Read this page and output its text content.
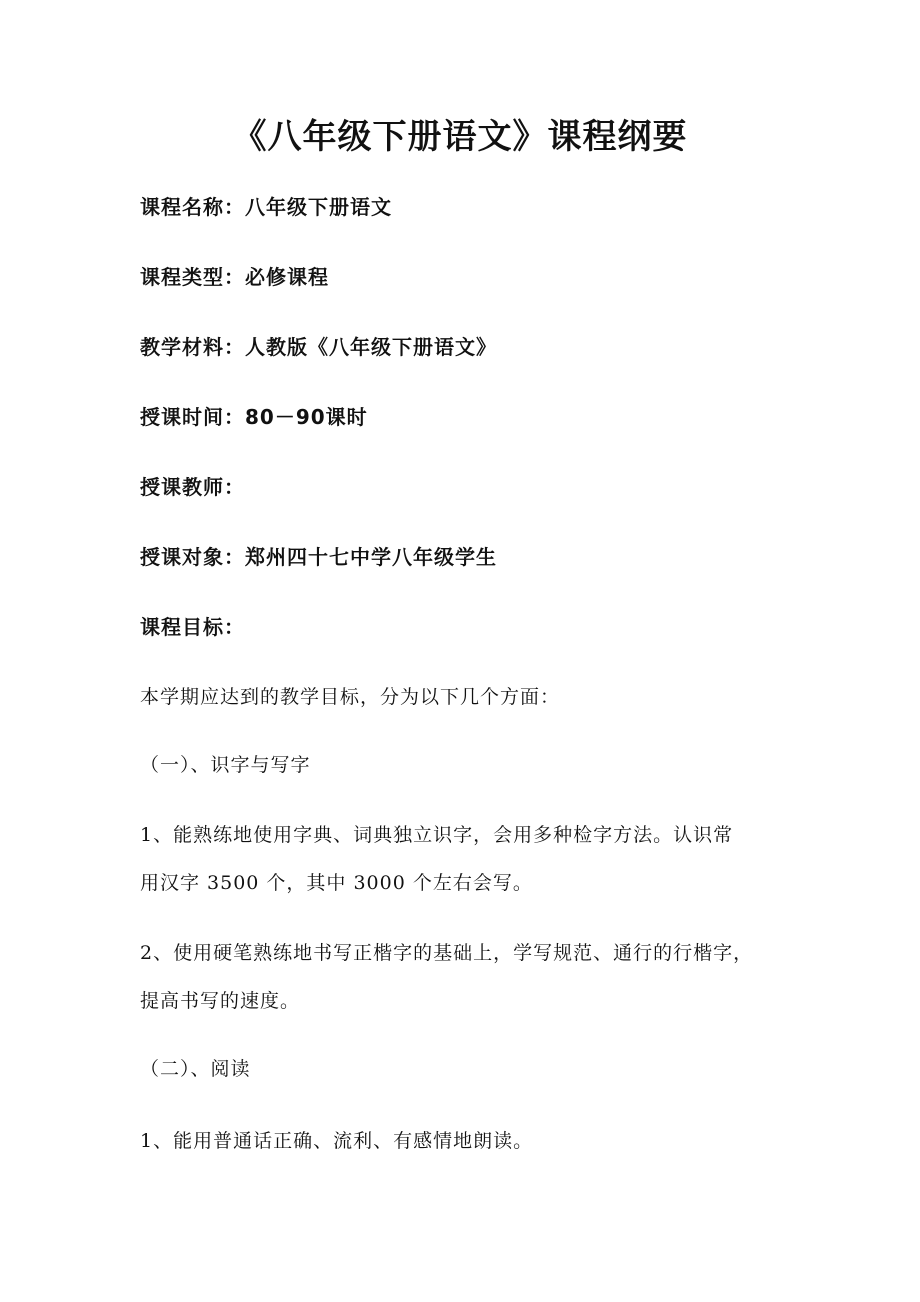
《八年级下册语文》课程纲要
课程名称：八年级下册语文
课程类型：必修课程
教学材料：人教版《八年级下册语文》
授课时间：80－90课时
授课教师：
授课对象：郑州四十七中学八年级学生
课程目标：
本学期应达到的教学目标，分为以下几个方面：
（一）、识字与写字
1、能熟练地使用字典、词典独立识字，会用多种检字方法。认识常
用汉字 3500 个，其中 3000 个左右会写。
2、使用硬笔熟练地书写正楷字的基础上，学写规范、通行的行楷字，
提高书写的速度。
（二）、阅读
1、能用普通话正确、流利、有感情地朗读。
